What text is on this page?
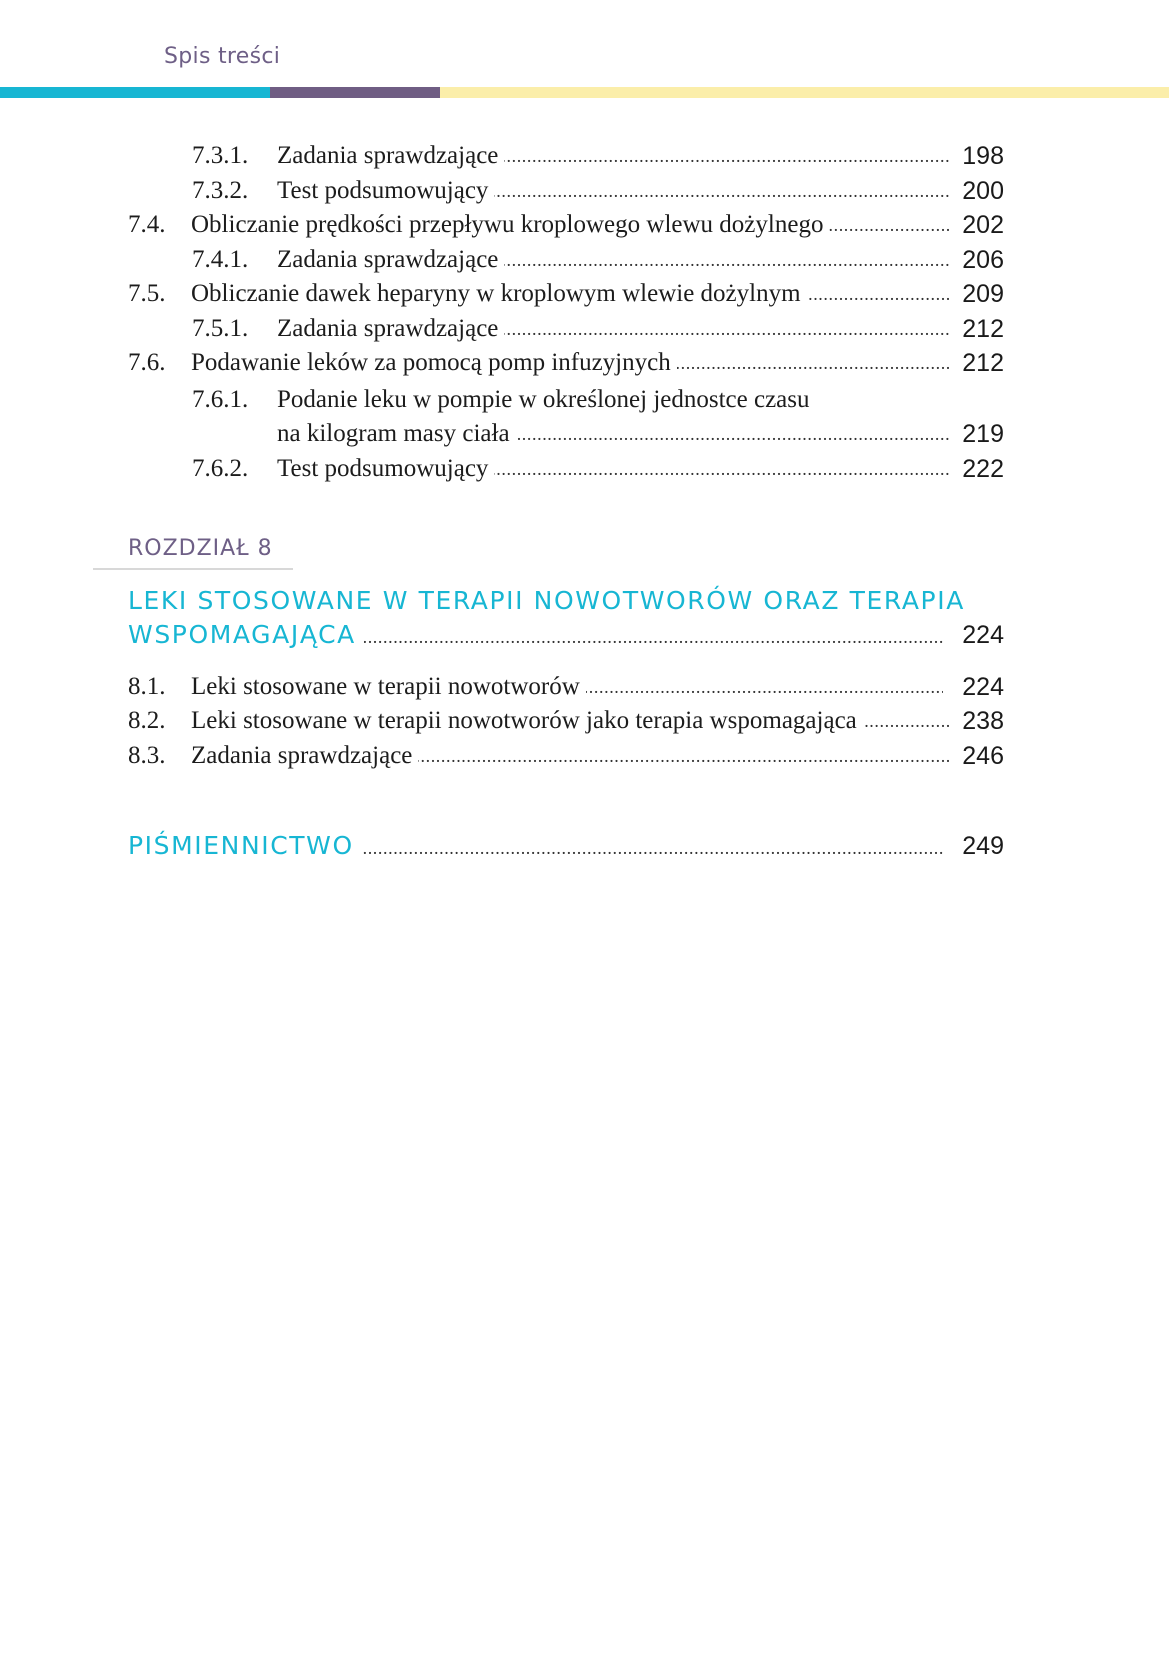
Spis treści
7.3.1. Zadania sprawdzające .....	198
7.3.2. Test podsumowujący .....	200
7.4. Obliczanie prędkości przepływu kroplowego wlewu dożylnego .....	202
7.4.1. Zadania sprawdzające .....	206
7.5. Obliczanie dawek heparyny w kroplowym wlewie dożylnym .....	209
7.5.1. Zadania sprawdzające .....	212
7.6. Podawanie leków za pomocą pomp infuzyjnych .....	212
7.6.1. Podanie leku w pompie w określonej jednostce czasu
na kilogram masy ciała .....	219
7.6.2. Test podsumowujący .....	222
ROZDZIAŁ 8
LEKI STOSOWANE W TERAPII NOWOTWORÓW ORAZ TERAPIA
WSPOMAGAJĄCA .....	224
8.1. Leki stosowane w terapii nowotworów .....	224
8.2. Leki stosowane w terapii nowotworów jako terapia wspomagająca .....	238
8.3. Zadania sprawdzające .....	246
PIŚMIENNICTWO .....	249
